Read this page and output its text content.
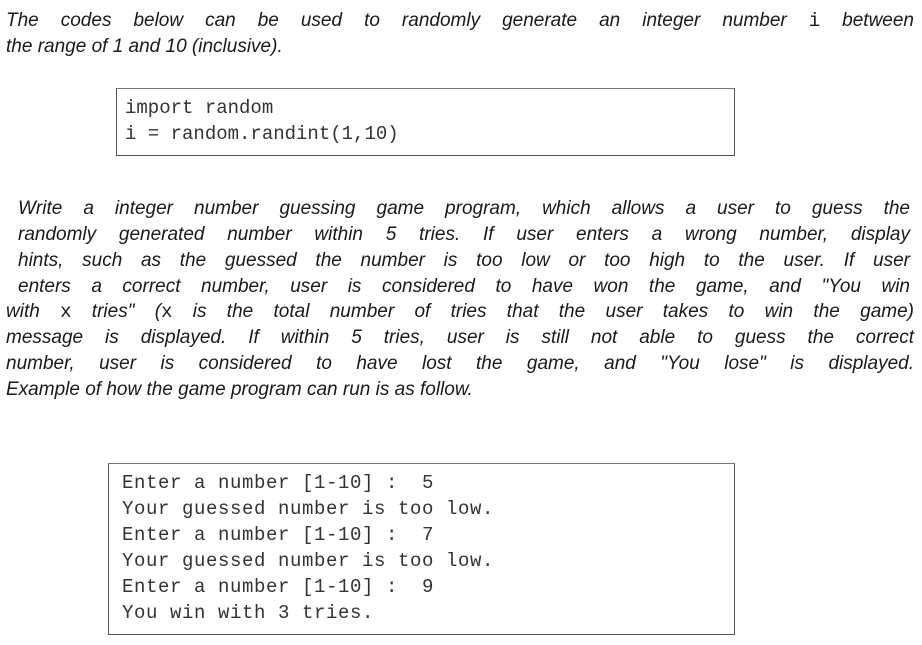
The codes below can be used to randomly generate an integer number i between
the range of 1 and 10 (inclusive).

import random
i = random.randint(1,10)

Write a integer number guessing game program, which allows a user to guess the
randomly generated number within 5 tries. If user enters a wrong number, display
hints, such as the guessed the number is too low or too high to the user. If user
enters a correct number, user is considered to have won the game, and "You win

with x tries" (x is the total number of tries that the user takes to win the game)
message is displayed. If within 5 tries, user is still not able to guess the correct
number, user is considered to have lost the game, and "You lose" is displayed.
Example of how the game program can run is as follow.

Enter a number [1-10] :  5
Your guessed number is too low.
Enter a number [1-10] :  7
Your guessed number is too low.
Enter a number [1-10] :  9
You win with 3 tries.
